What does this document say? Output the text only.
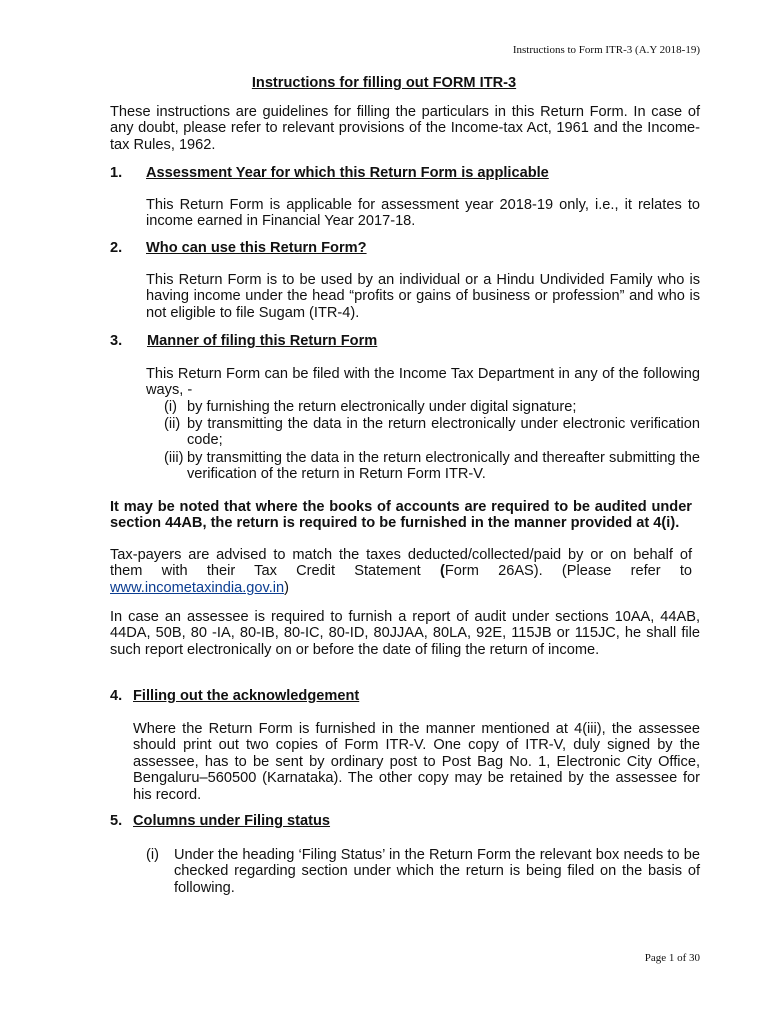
Instructions to Form ITR-3 (A.Y 2018-19)
Instructions for filling out FORM ITR-3
These instructions are guidelines for filling the particulars in this Return Form. In case of any doubt, please refer to relevant provisions of the Income-tax Act, 1961 and the Income-tax Rules, 1962.
1. Assessment Year for which this Return Form is applicable
This Return Form is applicable for assessment year 2018-19 only, i.e., it relates to income earned in Financial Year 2017-18.
2. Who can use this Return Form?
This Return Form is to be used by an individual or a Hindu Undivided Family who is having income under the head “profits or gains of business or profession” and who is not eligible to file Sugam (ITR-4).
3. Manner of filing this Return Form
This Return Form can be filed with the Income Tax Department in any of the following ways, -
(i) by furnishing the return electronically under digital signature;
(ii) by transmitting the data in the return electronically under electronic verification code;
(iii) by transmitting the data in the return electronically and thereafter submitting the verification of the return in Return Form ITR-V.
It may be noted that where the books of accounts are required to be audited under section 44AB, the return is required to be furnished in the manner provided at 4(i).
Tax-payers are advised to match the taxes deducted/collected/paid by or on behalf of them with their Tax Credit Statement (Form 26AS). (Please refer to www.incometaxindia.gov.in)
In case an assessee is required to furnish a report of audit under sections 10AA, 44AB, 44DA, 50B, 80 -IA, 80-IB, 80-IC, 80-ID, 80JJAA, 80LA, 92E, 115JB or 115JC, he shall file such report electronically on or before the date of filing the return of income.
4. Filling out the acknowledgement
Where the Return Form is furnished in the manner mentioned at 4(iii), the assessee should print out two copies of Form ITR-V. One copy of ITR-V, duly signed by the assessee, has to be sent by ordinary post to Post Bag No. 1, Electronic City Office, Bengaluru–560500 (Karnataka). The other copy may be retained by the assessee for his record.
5. Columns under Filing status
(i) Under the heading ‘Filing Status’ in the Return Form the relevant box needs to be checked regarding section under which the return is being filed on the basis of following.
Page 1 of 30
